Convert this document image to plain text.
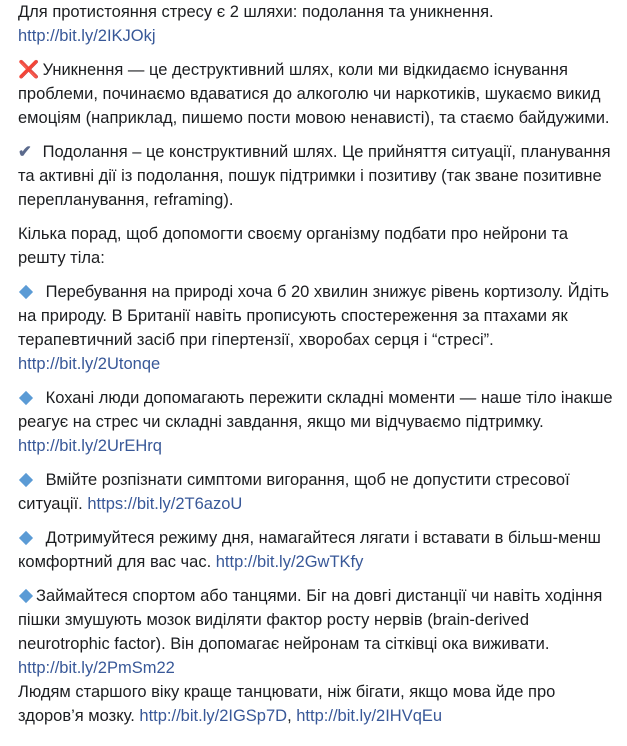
Для протистояння стресу є 2 шляхи: подолання та уникнення.
http://bit.ly/2IKJOkj

❌ Уникнення — це деструктивний шлях, коли ми відкидаємо існування проблеми, починаємо вдаватися до алкоголю чи наркотиків, шукаємо викид емоціям (наприклад, пишемо пости мовою ненависті), та стаємо байдужими.

✔ Подолання – це конструктивний шлях. Це прийняття ситуації, планування та активні дії із подолання, пошук підтримки і позитиву (так зване позитивне перепланування, reframing).

Кілька порад, щоб допомогти своєму організму подбати про нейрони та решту тіла:

Перебування на природі хоча б 20 хвилин знижує рівень кортизолу. Йдіть на природу. В Британії навіть прописують спостереження за птахами як терапевтичний засіб при гіпертензії, хворобах серця і “стресі”. http://bit.ly/2Utonqe

Кохані люди допомагають пережити складні моменти — наше тіло інакше реагує на стрес чи складні завдання, якщо ми відчуваємо підтримку. http://bit.ly/2UrEHrq

Вмійте розпізнати симптоми вигорання, щоб не допустити стресової ситуації. https://bit.ly/2T6azoU

Дотримуйтеся режиму дня, намагайтеся лягати і вставати в більш-менш комфортний для вас час. http://bit.ly/2GwTKfy

Займайтеся спортом або танцями. Біг на довгі дистанції чи навіть ходіння пішки змушують мозок виділяти фактор росту нервів (brain-derived neurotrophic factor). Він допомагає нейронам та сітківці ока виживати. http://bit.ly/2PmSm22
Людям старшого віку краще танцювати, ніж бігати, якщо мова йде про здоров’я мозку. http://bit.ly/2IGSp7D, http://bit.ly/2IHVqEu
